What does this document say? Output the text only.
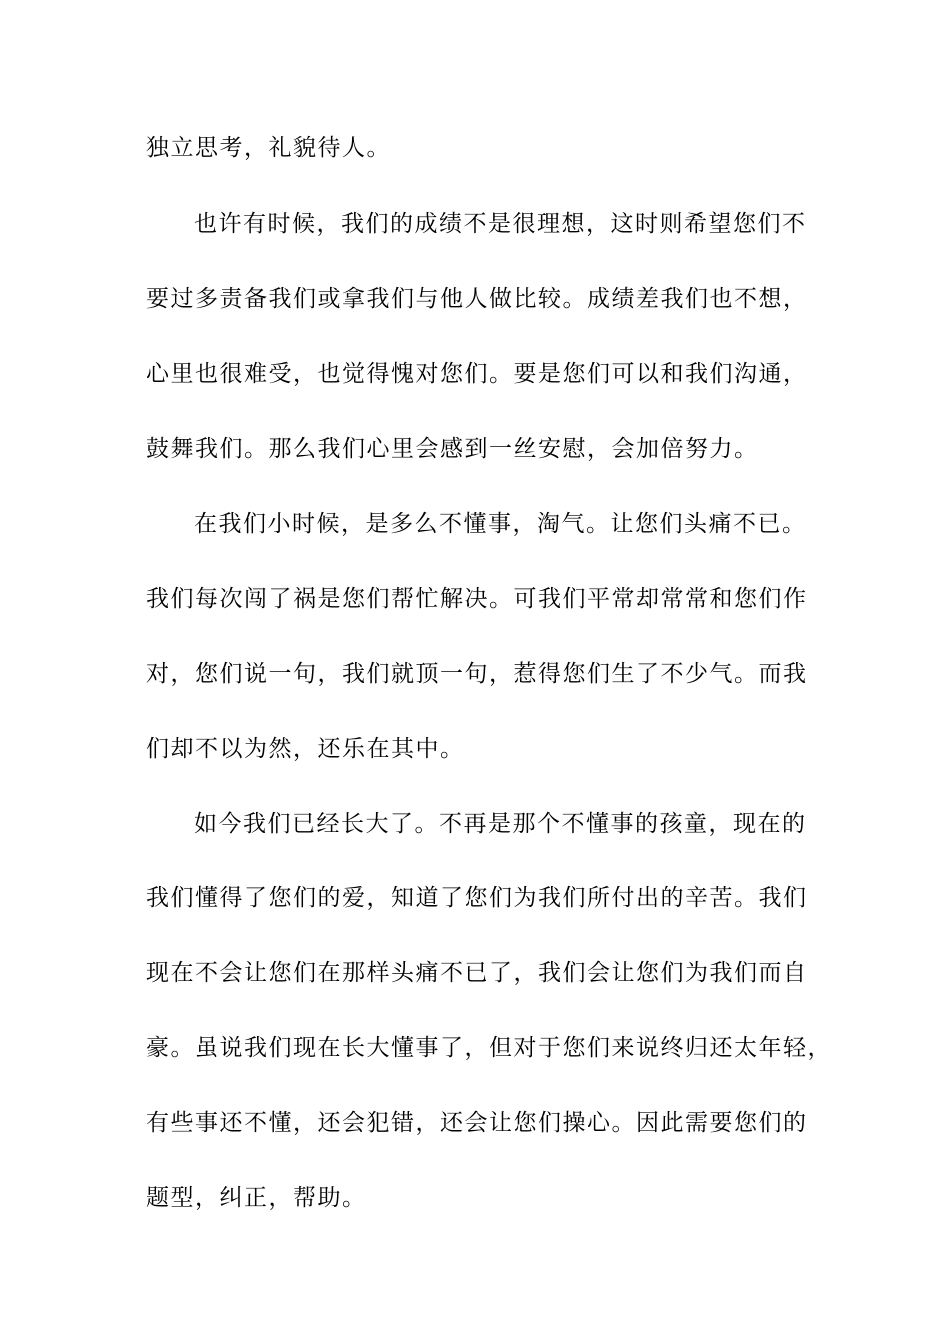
独立思考，礼貌待人。
也许有时候，我们的成绩不是很理想，这时则希望您们不
要过多责备我们或拿我们与他人做比较。成绩差我们也不想，
心里也很难受，也觉得愧对您们。要是您们可以和我们沟通，
鼓舞我们。那么我们心里会感到一丝安慰，会加倍努力。
在我们小时候，是多么不懂事，淘气。让您们头痛不已。
我们每次闯了祸是您们帮忙解决。可我们平常却常常和您们作
对，您们说一句，我们就顶一句，惹得您们生了不少气。而我
们却不以为然，还乐在其中。
如今我们已经长大了。不再是那个不懂事的孩童，现在的
我们懂得了您们的爱，知道了您们为我们所付出的辛苦。我们
现在不会让您们在那样头痛不已了，我们会让您们为我们而自
豪。虽说我们现在长大懂事了，但对于您们来说终归还太年轻，
有些事还不懂，还会犯错，还会让您们操心。因此需要您们的
题型，纠正，帮助。
